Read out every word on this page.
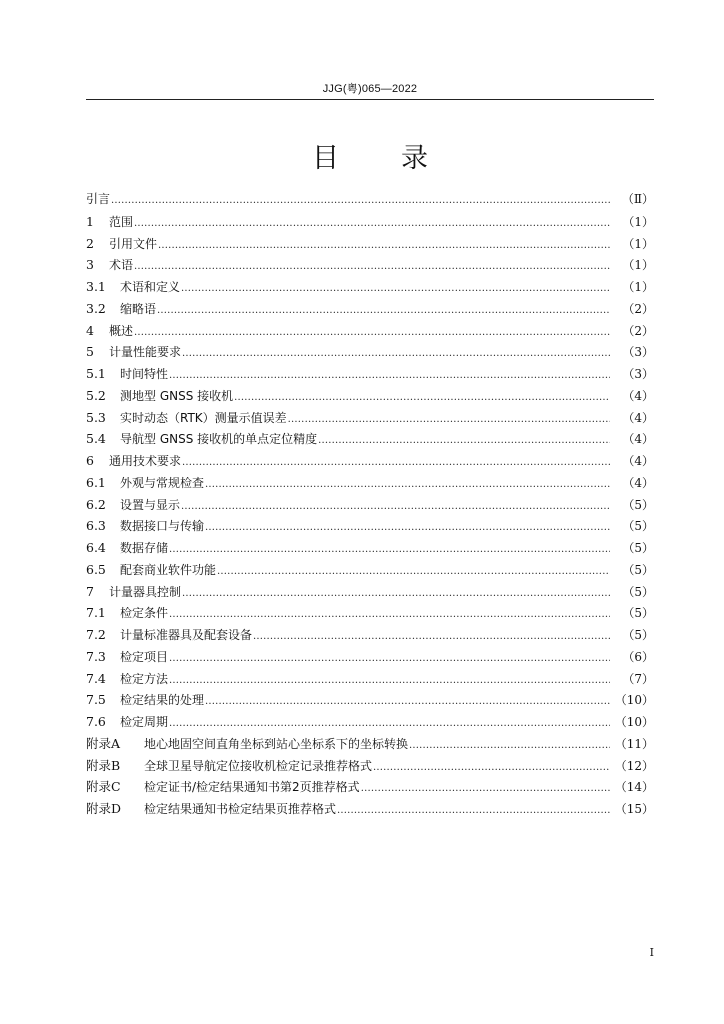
JJG(粤)065—2022
目录
引言 .....	（Ⅱ）
1	范围 .....	（1）
2	引用文件 .....	（1）
3	术语 .....	（1）
3.1	术语和定义 .....	（1）
3.2	缩略语 .....	（2）
4	概述 .....	（2）
5	计量性能要求 .....	（3）
5.1	时间特性 .....	（3）
5.2	测地型 GNSS 接收机 .....	（4）
5.3	实时动态（RTK）测量示值误差 .....	（4）
5.4	导航型 GNSS 接收机的单点定位精度 .....	（4）
6	通用技术要求 .....	（4）
6.1	外观与常规检查 .....	（4）
6.2	设置与显示 .....	（5）
6.3	数据接口与传输 .....	（5）
6.4	数据存储 .....	（5）
6.5	配套商业软件功能 .....	（5）
7	计量器具控制 .....	（5）
7.1	检定条件 .....	（5）
7.2	计量标准器具及配套设备 .....	（5）
7.3	检定项目 .....	（6）
7.4	检定方法 .....	（7）
7.5	检定结果的处理 .....	（10）
7.6	检定周期 .....	（10）
附录A	地心地固空间直角坐标到站心坐标系下的坐标转换 .....	（11）
附录B	全球卫星导航定位接收机检定记录推荐格式 .....	（12）
附录C	检定证书/检定结果通知书第2页推荐格式 .....	（14）
附录D	检定结果通知书检定结果页推荐格式 .....	（15）
I
